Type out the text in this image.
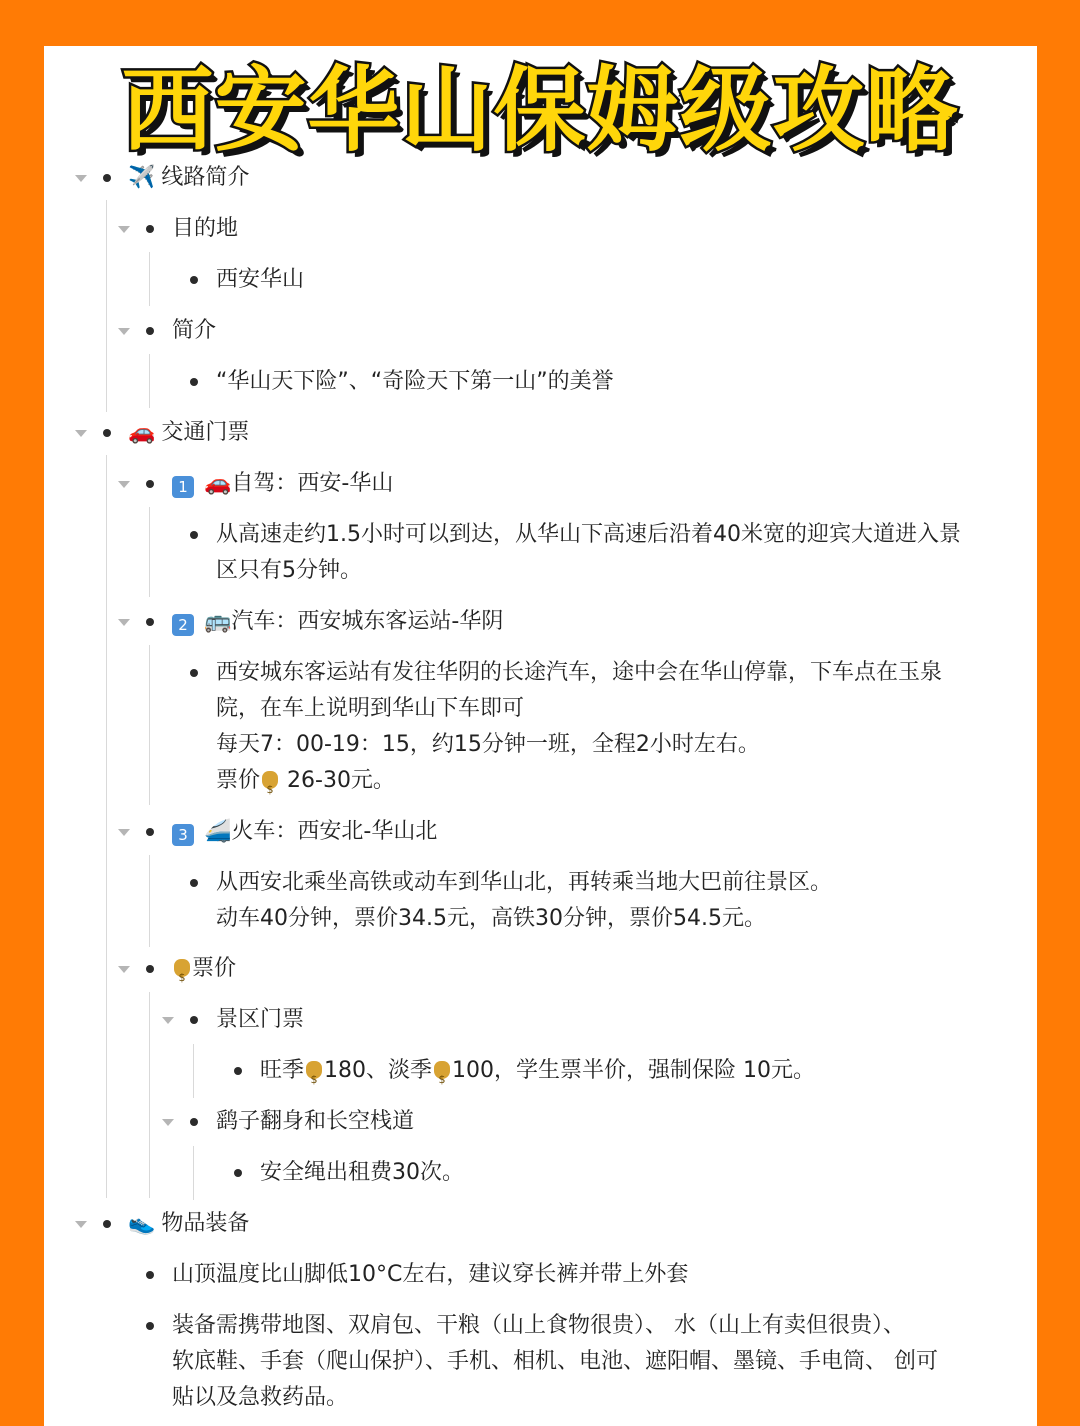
西安华山保姆级攻略
✈️ 线路简介
目的地
西安华山
简介
“华山天下险”、“奇险天下第一山”的美誉
🚗 交通门票
1 🚗自驾：西安-华山
从高速走约1.5小时可以到达，从华山下高速后沿着40米宽的迎宾大道进入景
区只有5分钟。
2 🚌汽车：西安城东客运站-华阴
西安城东客运站有发往华阴的长途汽车，途中会在华山停靠，下车点在玉泉
院，在车上说明到华山下车即可
每天7：00-19：15，约15分钟一班，全程2小时左右。
票价$ 26-30元。
3 🚄火车：西安北-华山北
从西安北乘坐高铁或动车到华山北，再转乘当地大巴前往景区。
动车40分钟，票价34.5元，高铁30分钟，票价54.5元。
$票价
景区门票
旺季 $ 180、淡季 $ 100，学生票半价，强制保险 10元。
鹞子翻身和长空栈道
安全绳出租费30次。
👟 物品装备
山顶温度比山脚低10°C左右，建议穿长裤并带上外套
装备需携带地图、双肩包、干粮（山上食物很贵）、 水（山上有卖但很贵）、
软底鞋、手套（爬山保护）、手机、相机、电池、遮阳帽、墨镜、手电筒、 创可
贴以及急救药品。
